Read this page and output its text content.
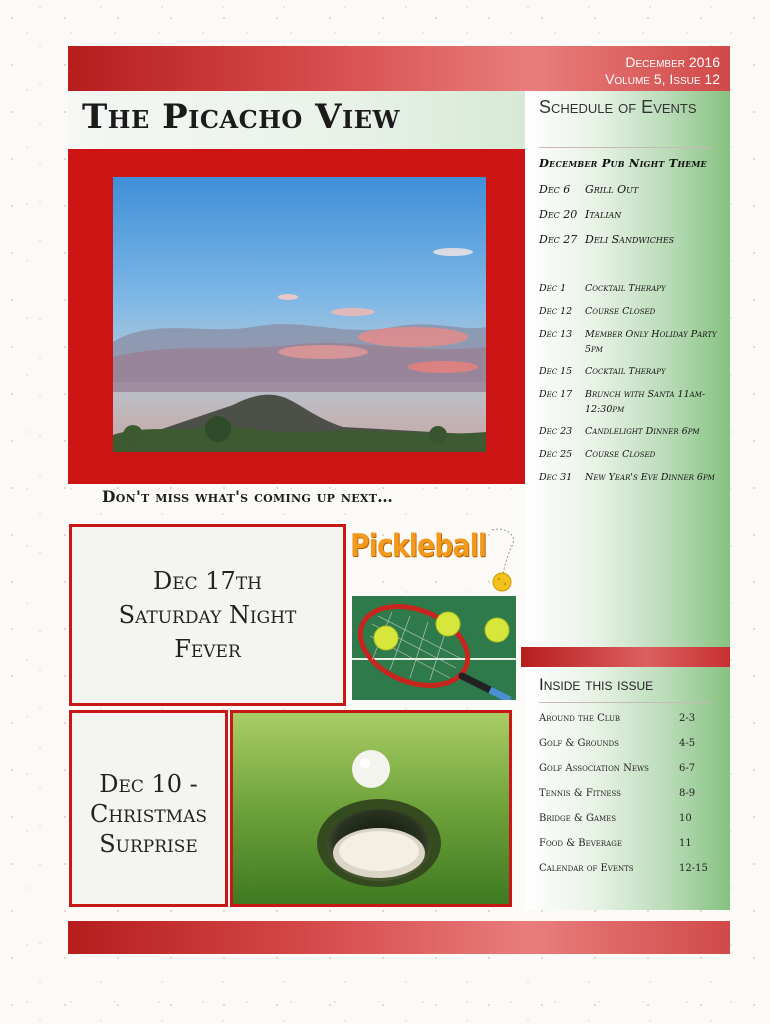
December 2016
Volume 5, Issue 12
The Picacho View	Schedule of Events
December Pub Night Theme
Dec 6	Grill Out
Dec 20 Italian
Dec 27 Deli Sandwiches
Dec 1	Cocktail Therapy
Dec 12	Course Closed
Dec 13	Member Only Holiday Party 5pm
Dec 15	Cocktail Therapy
Dec 17	Brunch with Santa 11am-12:30pm
Dec 23	Candlelight Dinner 6pm
Dec 25	Course Closed
Dec 31	New Year's Eve Dinner 6pm
Don't miss what's coming up next…
Dec 17th
Saturday Night
Fever
Pickleball
Dec 10 -
Christmas
Surprise
Inside this issue
Around the Club	2-3
Golf & Grounds	4-5
Golf Association News	6-7
Tennis & Fitness	8-9
Bridge & Games	10
Food & Beverage	11
Calendar of Events	12-15
